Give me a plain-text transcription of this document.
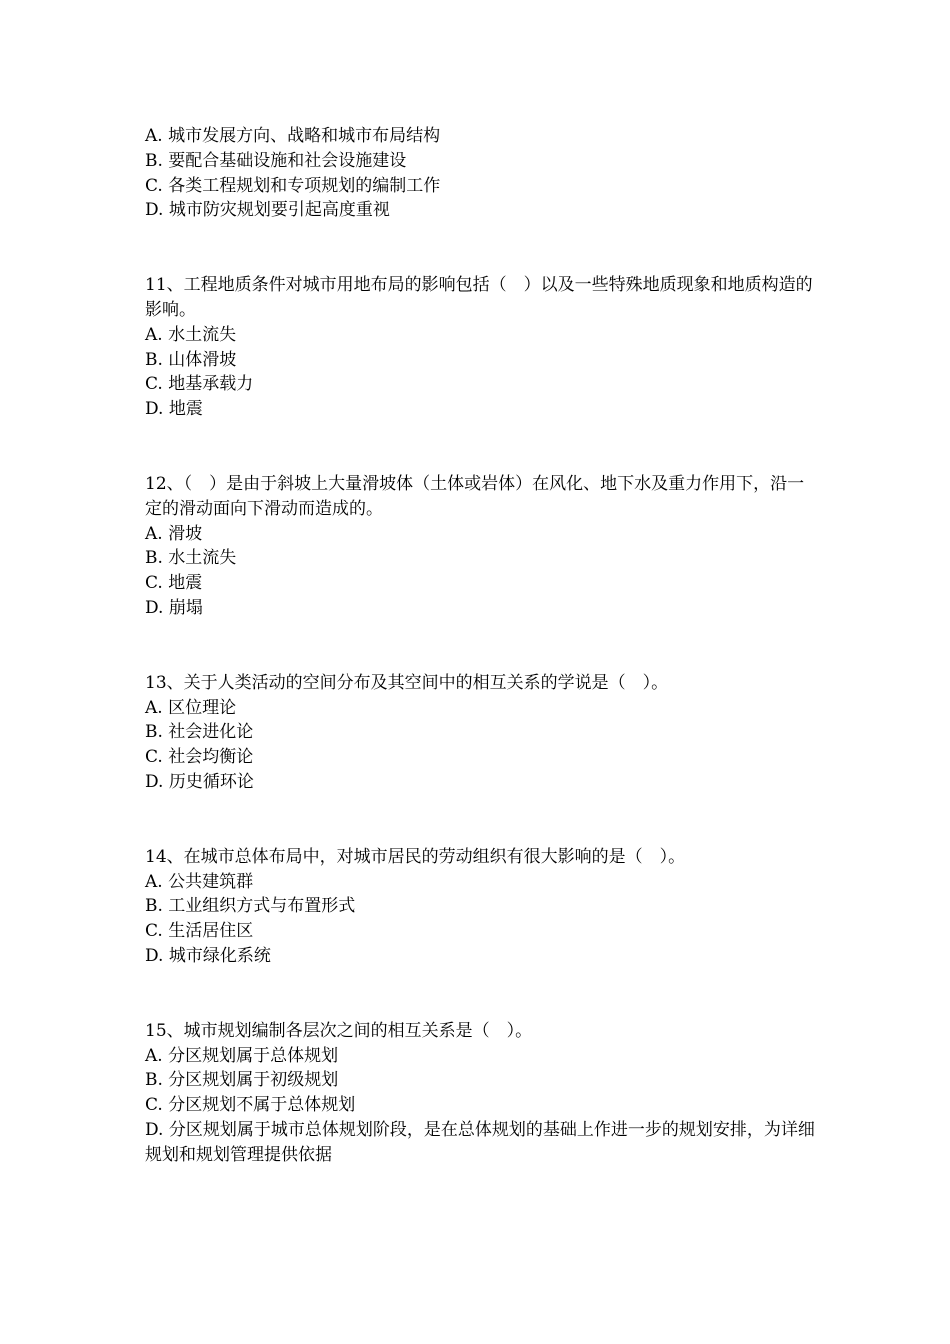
A. 城市发展方向、战略和城市布局结构
B. 要配合基础设施和社会设施建设
C. 各类工程规划和专项规划的编制工作
D. 城市防灾规划要引起高度重视
11、工程地质条件对城市用地布局的影响包括（　）以及一些特殊地质现象和地质构造的影响。
A. 水土流失
B. 山体滑坡
C. 地基承载力
D. 地震
12、（　）是由于斜坡上大量滑坡体（土体或岩体）在风化、地下水及重力作用下，沿一定的滑动面向下滑动而造成的。
A. 滑坡
B. 水土流失
C. 地震
D. 崩塌
13、关于人类活动的空间分布及其空间中的相互关系的学说是（　）。
A. 区位理论
B. 社会进化论
C. 社会均衡论
D. 历史循环论
14、在城市总体布局中，对城市居民的劳动组织有很大影响的是（　）。
A. 公共建筑群
B. 工业组织方式与布置形式
C. 生活居住区
D. 城市绿化系统
15、城市规划编制各层次之间的相互关系是（　）。
A. 分区规划属于总体规划
B. 分区规划属于初级规划
C. 分区规划不属于总体规划
D. 分区规划属于城市总体规划阶段，是在总体规划的基础上作进一步的规划安排，为详细规划和规划管理提供依据
